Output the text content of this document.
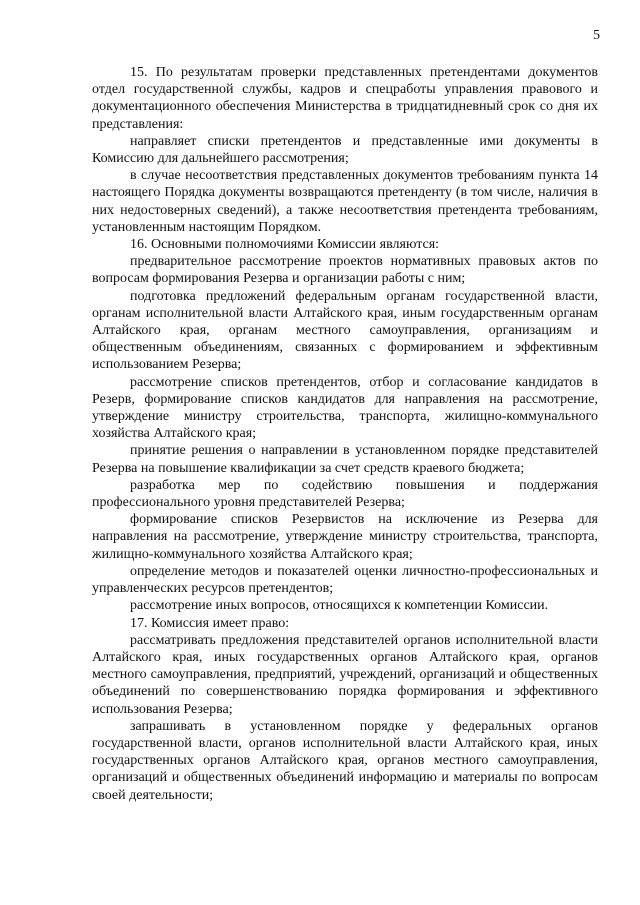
5

15. По результатам проверки представленных претендентами документов отдел государственной службы, кадров и спецработы управления правового и документационного обеспечения Министерства в тридцатидневный срок со дня их представления:

направляет списки претендентов и представленные ими документы в Комиссию для дальнейшего рассмотрения;

в случае несоответствия представленных документов требованиям пункта 14 настоящего Порядка документы возвращаются претенденту (в том числе, наличия в них недостоверных сведений), а также несоответствия претендента требованиям, установленным настоящим Порядком.

16. Основными полномочиями Комиссии являются:

предварительное рассмотрение проектов нормативных правовых актов по вопросам формирования Резерва и организации работы с ним;

подготовка предложений федеральным органам государственной власти, органам исполнительной власти Алтайского края, иным государственным органам Алтайского края, органам местного самоуправления, организациям и общественным объединениям, связанных с формированием и эффективным использованием Резерва;

рассмотрение списков претендентов, отбор и согласование кандидатов в Резерв, формирование списков кандидатов для направления на рассмотрение, утверждение министру строительства, транспорта, жилищно-коммунального хозяйства Алтайского края;

принятие решения о направлении в установленном порядке представителей Резерва на повышение квалификации за счет средств краевого бюджета;

разработка мер по содействию повышения и поддержания профессионального уровня представителей Резерва;

формирование списков Резервистов на исключение из Резерва для направления на рассмотрение, утверждение министру строительства, транспорта, жилищно-коммунального хозяйства Алтайского края;

определение методов и показателей оценки личностно-профессиональных и управленческих ресурсов претендентов;

рассмотрение иных вопросов, относящихся к компетенции Комиссии.

17. Комиссия имеет право:

рассматривать предложения представителей органов исполнительной власти Алтайского края, иных государственных органов Алтайского края, органов местного самоуправления, предприятий, учреждений, организаций и общественных объединений по совершенствованию порядка формирования и эффективного использования Резерва;

запрашивать в установленном порядке у федеральных органов государственной власти, органов исполнительной власти Алтайского края, иных государственных органов Алтайского края, органов местного самоуправления, организаций и общественных объединений информацию и материалы по вопросам своей деятельности;
